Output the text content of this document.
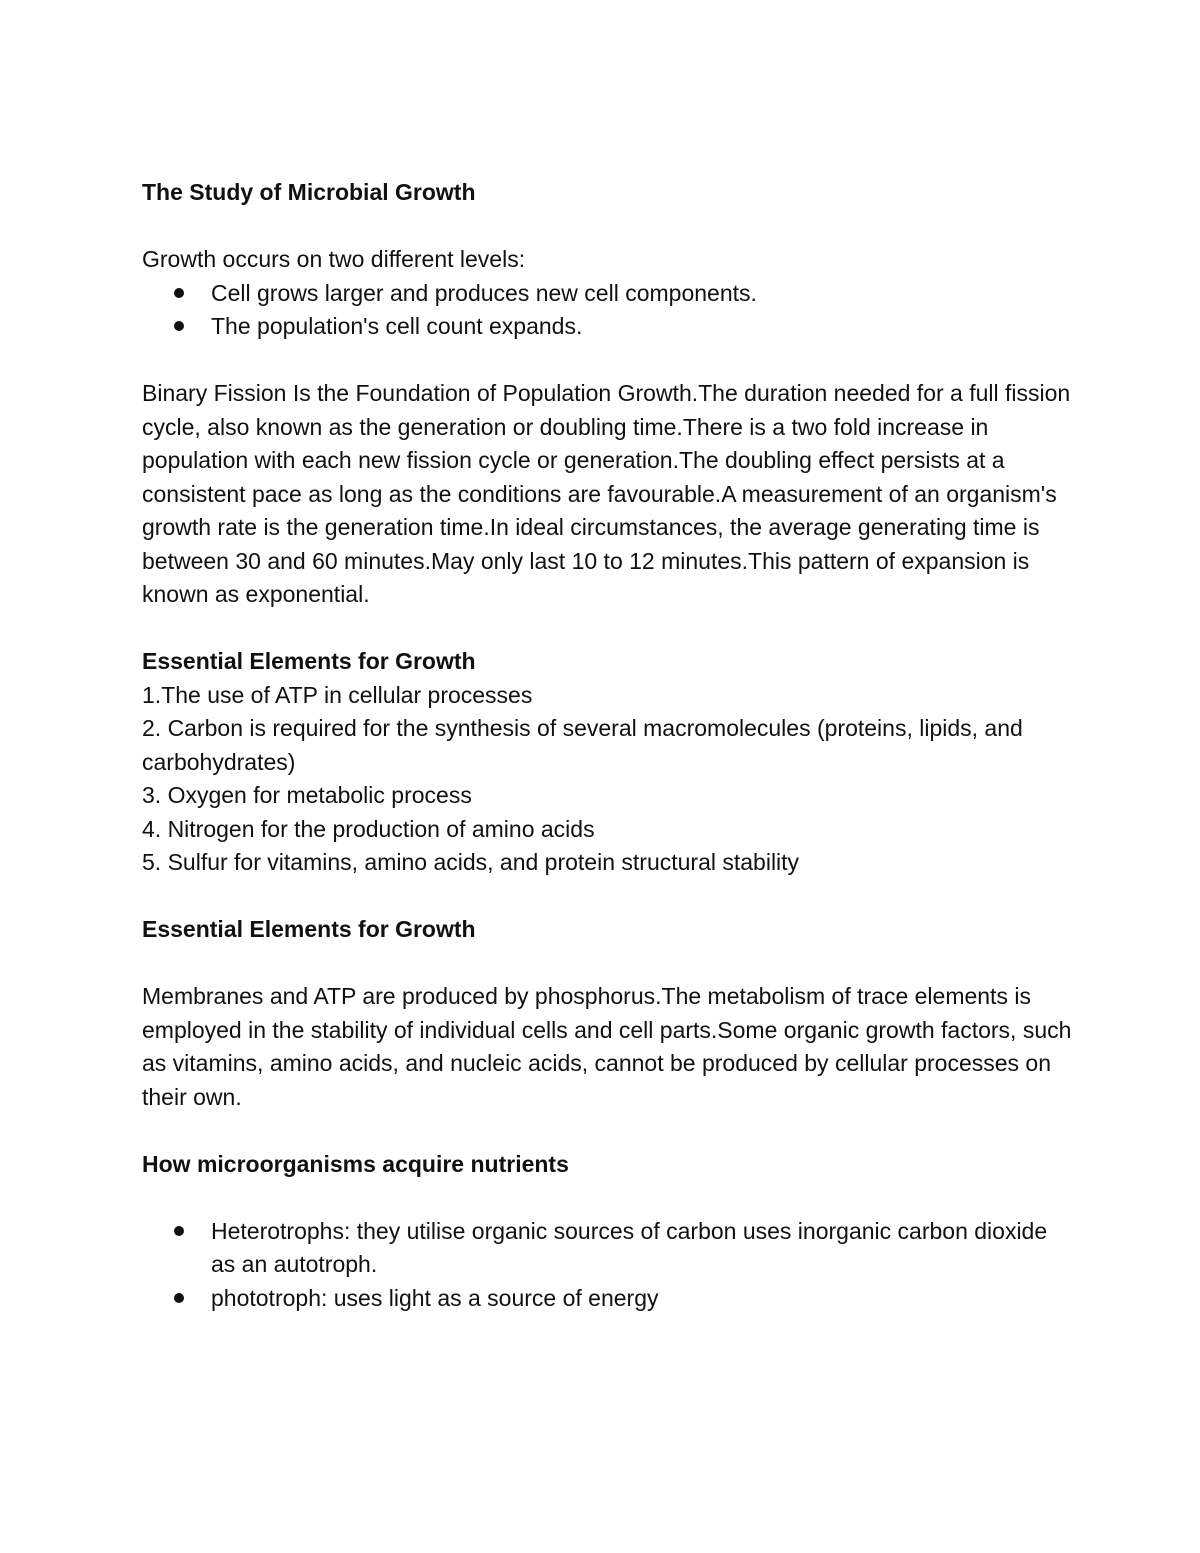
The Study of Microbial Growth

Growth occurs on two different levels:

Cell grows larger and produces new cell components.
The population's cell count expands.

Binary Fission Is the Foundation of Population Growth.The duration needed for a full fission cycle, also known as the generation or doubling time.There is a two fold increase in population with each new fission cycle or generation.The doubling effect persists at a consistent pace as long as the conditions are favourable.A measurement of an organism's growth rate is the generation time.In ideal circumstances, the average generating time is between 30 and 60 minutes.May only last 10 to 12 minutes.This pattern of expansion is known as exponential.

Essential Elements for Growth

1.The use of ATP in cellular processes
2. Carbon is required for the synthesis of several macromolecules (proteins, lipids, and carbohydrates)
3. Oxygen for metabolic process
4. Nitrogen for the production of amino acids
5. Sulfur for vitamins, amino acids, and protein structural stability

Essential Elements for Growth

Membranes and ATP are produced by phosphorus.The metabolism of trace elements is employed in the stability of individual cells and cell parts.Some organic growth factors, such as vitamins, amino acids, and nucleic acids, cannot be produced by cellular processes on their own.

How microorganisms acquire nutrients

Heterotrophs: they utilise organic sources of carbon uses inorganic carbon dioxide as an autotroph.
phototroph: uses light as a source of energy
